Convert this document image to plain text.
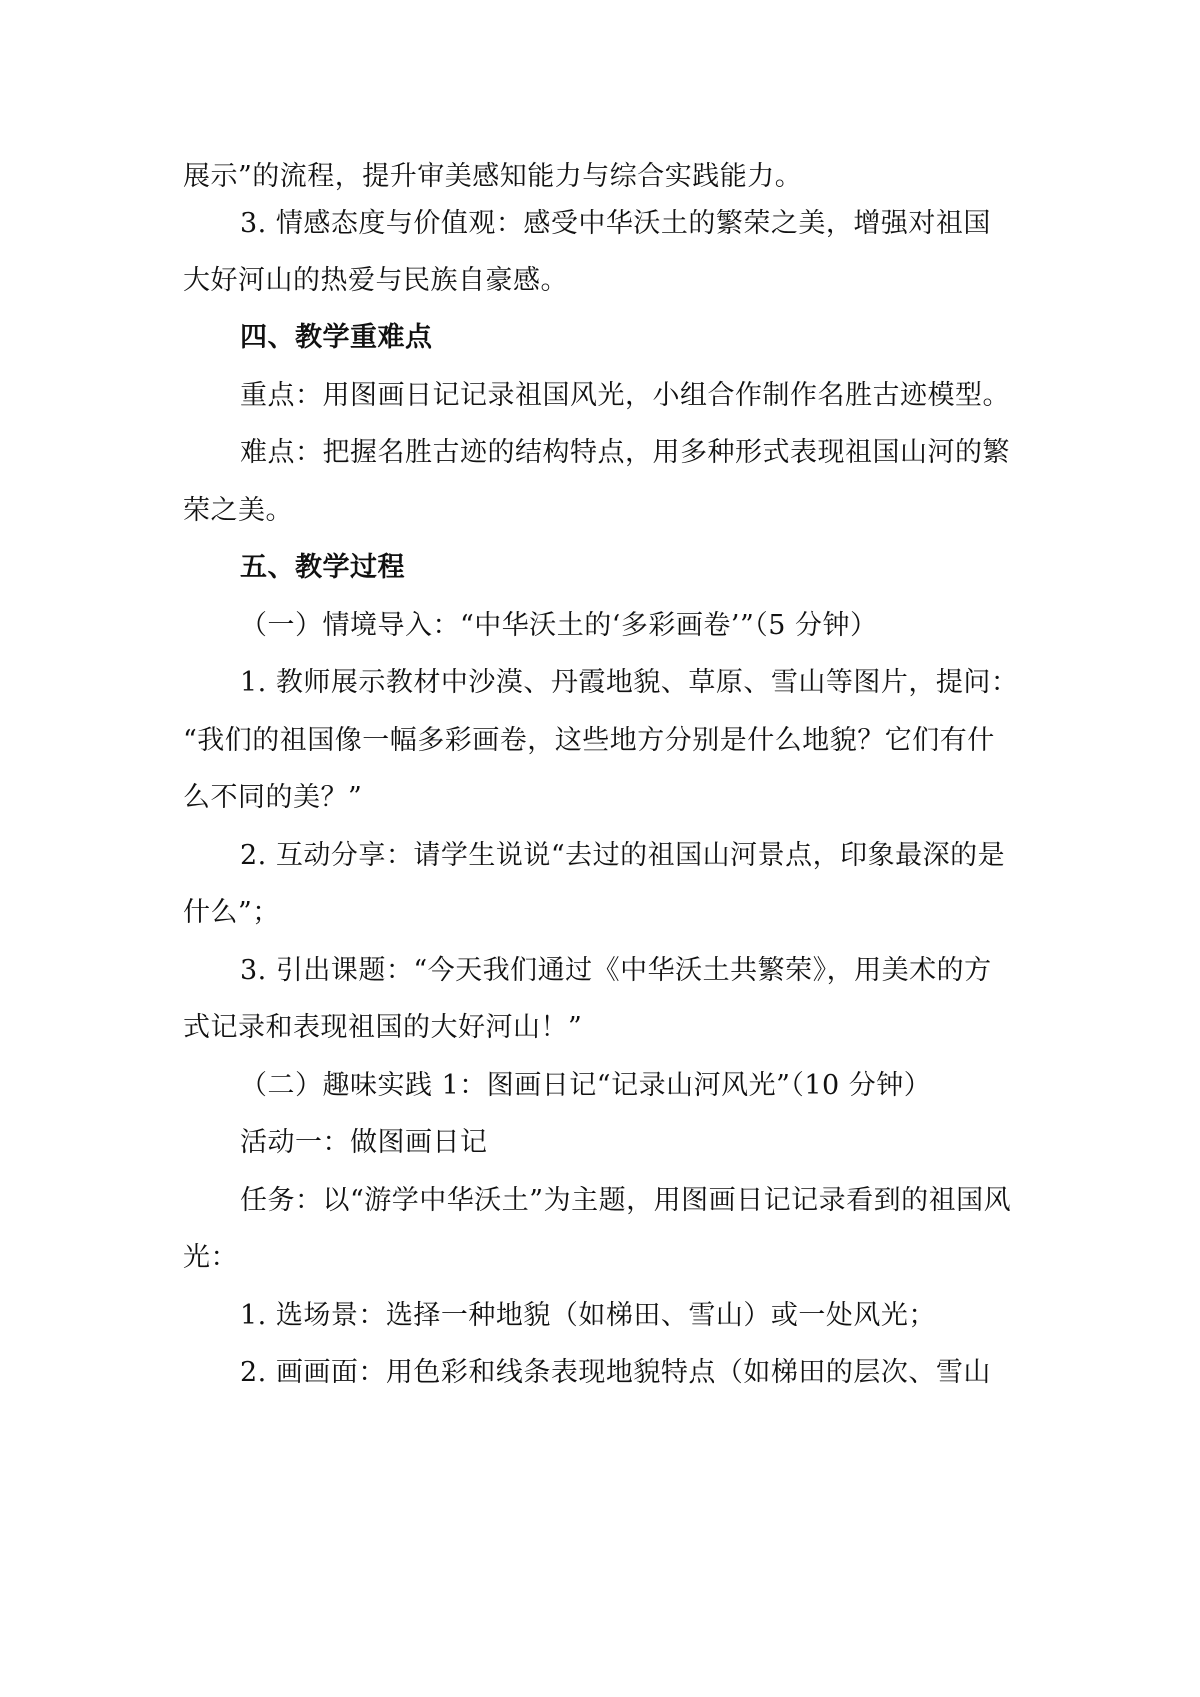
展示”的流程，提升审美感知能力与综合实践能力。
3. 情感态度与价值观：感受中华沃土的繁荣之美，增强对祖国
大好河山的热爱与民族自豪感。
四、教学重难点
重点：用图画日记记录祖国风光，小组合作制作名胜古迹模型。
难点：把握名胜古迹的结构特点，用多种形式表现祖国山河的繁
荣之美。
五、教学过程
（一）情境导入：“中华沃土的‘多彩画卷’”（5 分钟）
1. 教师展示教材中沙漠、丹霞地貌、草原、雪山等图片，提问：
“我们的祖国像一幅多彩画卷，这些地方分别是什么地貌？它们有什
么不同的美？”
2. 互动分享：请学生说说“去过的祖国山河景点，印象最深的是
什么”；
3. 引出课题：“今天我们通过《中华沃土共繁荣》，用美术的方
式记录和表现祖国的大好河山！”
（二）趣味实践 1：图画日记“记录山河风光”（10 分钟）
活动一：做图画日记
任务：以“游学中华沃土”为主题，用图画日记记录看到的祖国风
光：
1. 选场景：选择一种地貌（如梯田、雪山）或一处风光；
2. 画画面：用色彩和线条表现地貌特点（如梯田的层次、雪山
